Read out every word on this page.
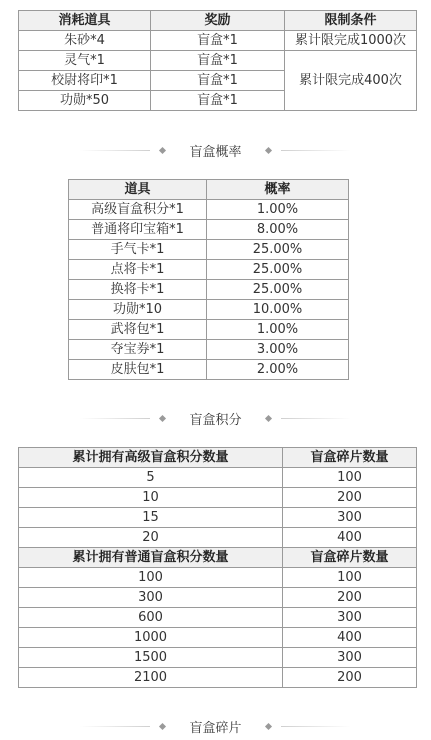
消耗道具	奖励	限制条件
朱砂*4	盲盒*1	累计限完成1000次
灵气*1	盲盒*1	累计限完成400次
校尉将印*1	盲盒*1	
功勋*50	盲盒*1	
盲盒概率
道具	概率
高级盲盒积分*1	1.00%
普通将印宝箱*1	8.00%
手气卡*1	25.00%
点将卡*1	25.00%
换将卡*1	25.00%
功勋*10	10.00%
武将包*1	1.00%
夺宝券*1	3.00%
皮肤包*1	2.00%
盲盒积分
累计拥有高级盲盒积分数量	盲盒碎片数量
5	100
10	200
15	300
20	400
累计拥有普通盲盒积分数量	盲盒碎片数量
100	100
300	200
600	300
1000	400
1500	300
2100	200
盲盒碎片
